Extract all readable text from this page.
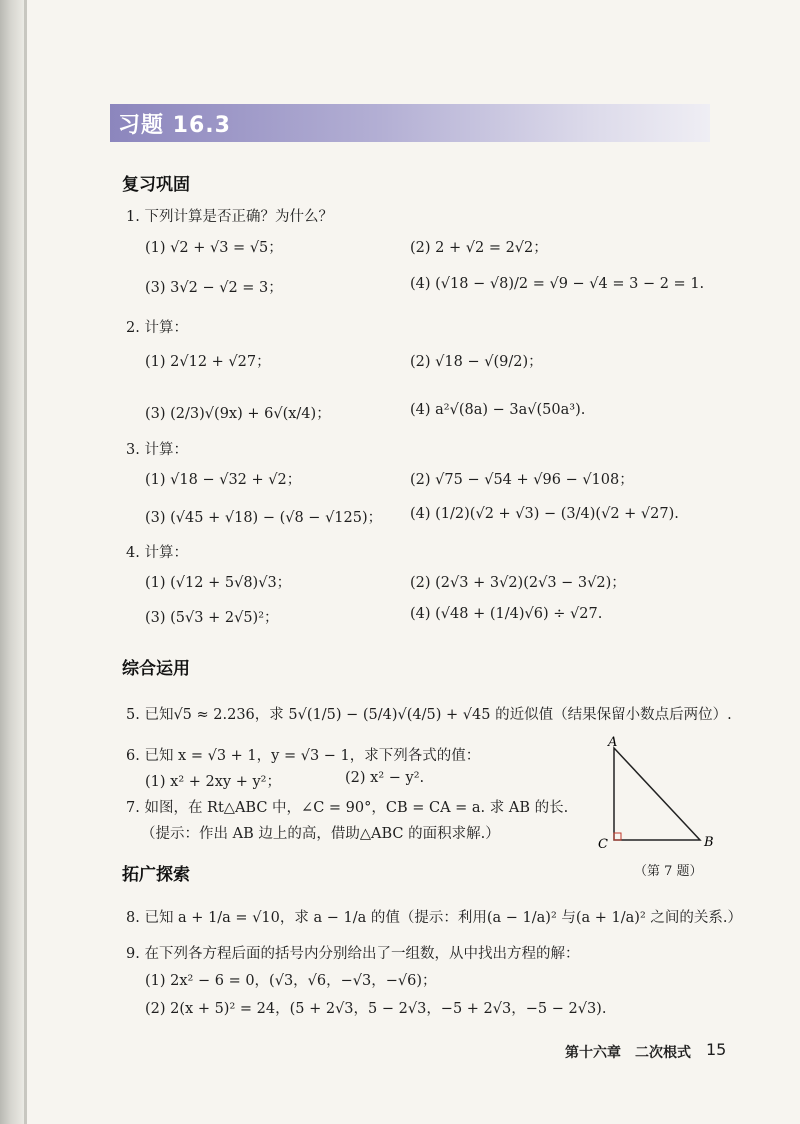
习题 16.3
复习巩固
1. 下列计算是否正确？为什么？
(1) √2 + √3 = √5；	(2) 2 + √2 = 2√2；
(3) 3√2 − √2 = 3；	(4) (√18 − √8)/2 = √9 − √4 = 3 − 2 = 1.
2. 计算：
(1) 2√12 + √27；	(2) √18 − √(9/2)；
(3) (2/3)√(9x) + 6√(x/4)；	(4) a²√(8a) − 3a√(50a³).
3. 计算：
(1) √18 − √32 + √2；	(2) √75 − √54 + √96 − √108；
(3) (√45 + √18) − (√8 − √125)； (4) (1/2)(√2 + √3) − (3/4)(√2 + √27).
4. 计算：
(1) (√12 + 5√8)√3；	(2) (2√3 + 3√2)(2√3 − 3√2)；
(3) (5√3 + 2√5)²；	(4) (√48 + (1/4)√6) ÷ √27.
综合运用
5. 已知√5 ≈ 2.236，求 5√(1/5) − (5/4)√(4/5) + √45 的近似值（结果保留小数点后两位）.
6. 已知 x = √3 + 1，y = √3 − 1，求下列各式的值：
(1) x² + 2xy + y²；	(2) x² − y².
7. 如图，在 Rt△ABC 中，∠C = 90°，CB = CA = a. 求 AB 的长.
（提示：作出 AB 边上的高，借助△ABC 的面积求解.）
A
C	B
（第 7 题）
拓广探索
8. 已知 a + 1/a = √10，求 a − 1/a 的值（提示：利用(a − 1/a)² 与(a + 1/a)² 之间的关系.）
9. 在下列各方程后面的括号内分别给出了一组数，从中找出方程的解：
(1) 2x² − 6 = 0，(√3，√6，−√3，−√6)；
(2) 2(x + 5)² = 24，(5 + 2√3，5 − 2√3，−5 + 2√3，−5 − 2√3).
第十六章　二次根式 15
